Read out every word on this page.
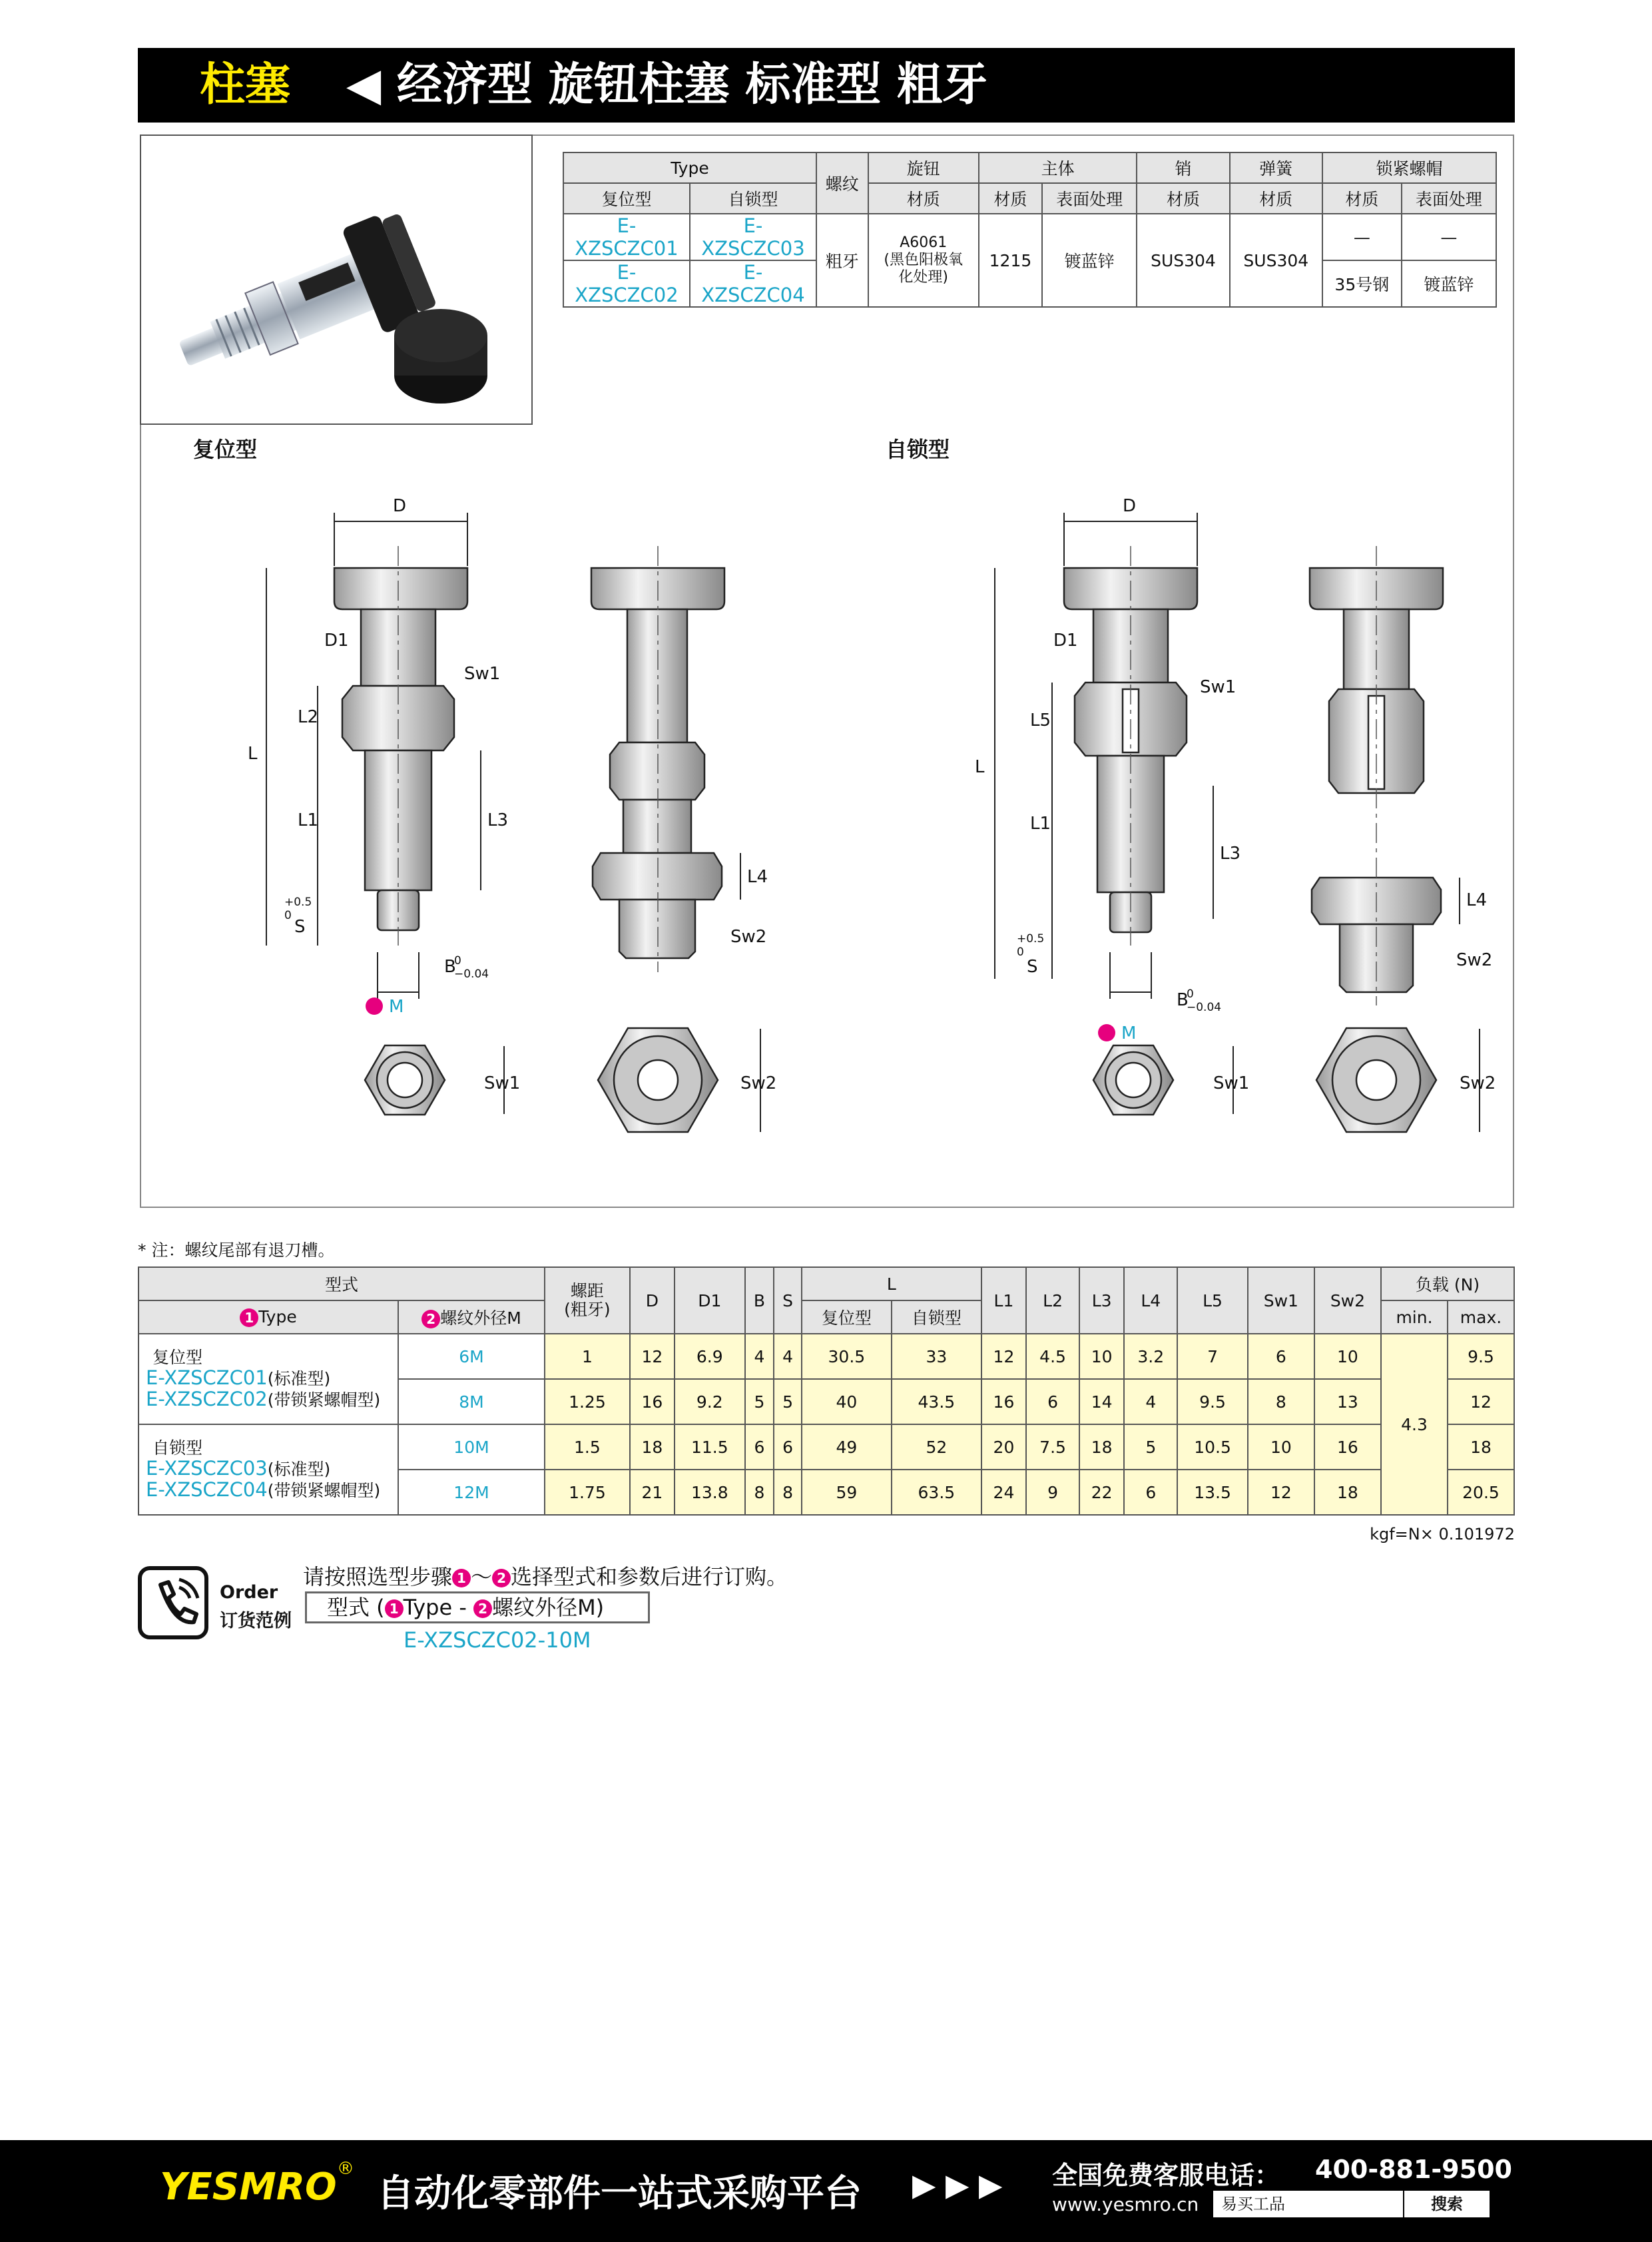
柱塞 ◀ 经济型 旋钮柱塞 标准型 粗牙
Type		螺纹	旋钮	主体		销	弹簧	锁紧螺帽	
复位型	自锁型		材质	材质	表面处理	材质	材质	材质	表面处理
E-XZSCZC01	E-XZSCZC03	粗牙	A6061
(黑色阳极氧
化处理)	1215	镀蓝锌	SUS304	SUS304	—	—
E-XZSCZC02	E-XZSCZC04							35号钢	镀蓝锌
复位型	自锁型
D	D
D1	D1
Sw1
Sw1
Sw2
Sw2
L
L
L2
L1	L1
L5
L3
L3
L4
L4
S
S
B
B
M
M
Sw1	Sw2	Sw1	Sw2
0
−0.04
0
−0.04
+0.5
0
+0.5
0
* 注：螺纹尾部有退刀槽。
型式		螺距
(粗牙)	D	D1	B	S	L		L1	L2	L3	L4	L5	Sw1	Sw2	负载 (N)	
1 Type	2 螺纹外径M						复位型	自锁型								min.	max.

复位型
E-XZSCZC01(标准型)
E-XZSCZC02(带锁紧螺帽型)	6M	1	12	6.9	4	4	30.5	33	12	4.5	10	3.2	7	6	10	4.3	9.5
	8M	1.25	16	9.2	5	5	40	43.5	16	6	14	4	9.5	8	13		12

自锁型
E-XZSCZC03(标准型)
E-XZSCZC04(带锁紧螺帽型)	10M	1.5	18	11.5	6	6	49	52	20	7.5	18	5	10.5	10	16		18
	12M	1.75	21	13.8	8	8	59	63.5	24	9	22	6	13.5	12	18		20.5
kgf=N× 0.101972
Order
订货范例
请按照选型步骤 1 ～ 2 选择型式和参数后进行订购。
型式 ( 1 Type - 2 螺纹外径M)
E-XZSCZC02-10M
YESMRO ®
自动化零部件一站式采购平台 ▶ ▶ ▶ 全国免费客服电话： 400-881-9500
www.yesmro.cn	易买工品	搜索
